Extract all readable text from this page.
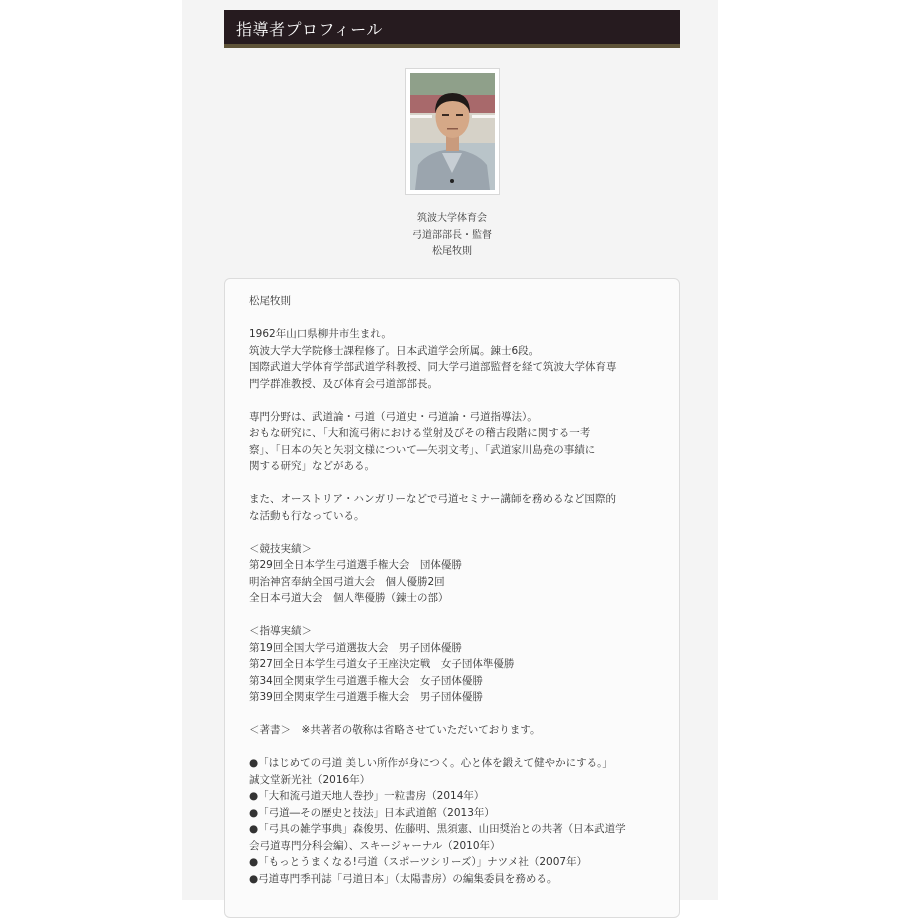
指導者プロフィール
筑波大学体育会
弓道部部長・監督
松尾牧則
松尾牧則
1962年山口県柳井市生まれ。
筑波大学大学院修士課程修了。日本武道学会所属。錬士6段。
国際武道大学体育学部武道学科教授、同大学弓道部監督を経て筑波大学体育専
門学群准教授、及び体育会弓道部部長。
専門分野は、武道論・弓道（弓道史・弓道論・弓道指導法）。
おもな研究に、「大和流弓術における堂射及びその稽古段階に関する一考
察」、「日本の矢と矢羽文様について―矢羽文考」、「武道家川島堯の事績に
関する研究」などがある。
また、オーストリア・ハンガリーなどで弓道セミナー講師を務めるなど国際的
な活動も行なっている。
＜競技実績＞
第29回全日本学生弓道選手権大会　団体優勝
明治神宮奉納全国弓道大会　個人優勝2回
全日本弓道大会　個人準優勝（錬士の部）
＜指導実績＞
第19回全国大学弓道選抜大会　男子団体優勝
第27回全日本学生弓道女子王座決定戦　女子団体準優勝
第34回全関東学生弓道選手権大会　女子団体優勝
第39回全関東学生弓道選手権大会　男子団体優勝
＜著書＞　※共著者の敬称は省略させていただいております。
●「はじめての弓道 美しい所作が身につく。心と体を鍛えて健やかにする。」
誠文堂新光社（2016年）
●「大和流弓道天地人巻抄」一粒書房（2014年）
●「弓道―その歴史と技法」日本武道館（2013年）
●「弓具の雑学事典」森俊男、佐藤明、黒須憲、山田奨治との共著（日本武道学
会弓道専門分科会編）、スキージャーナル（2010年）
●「もっとうまくなる!弓道（スポーツシリーズ）」ナツメ社（2007年）
●弓道専門季刊誌「弓道日本」（太陽書房）の編集委員を務める。
